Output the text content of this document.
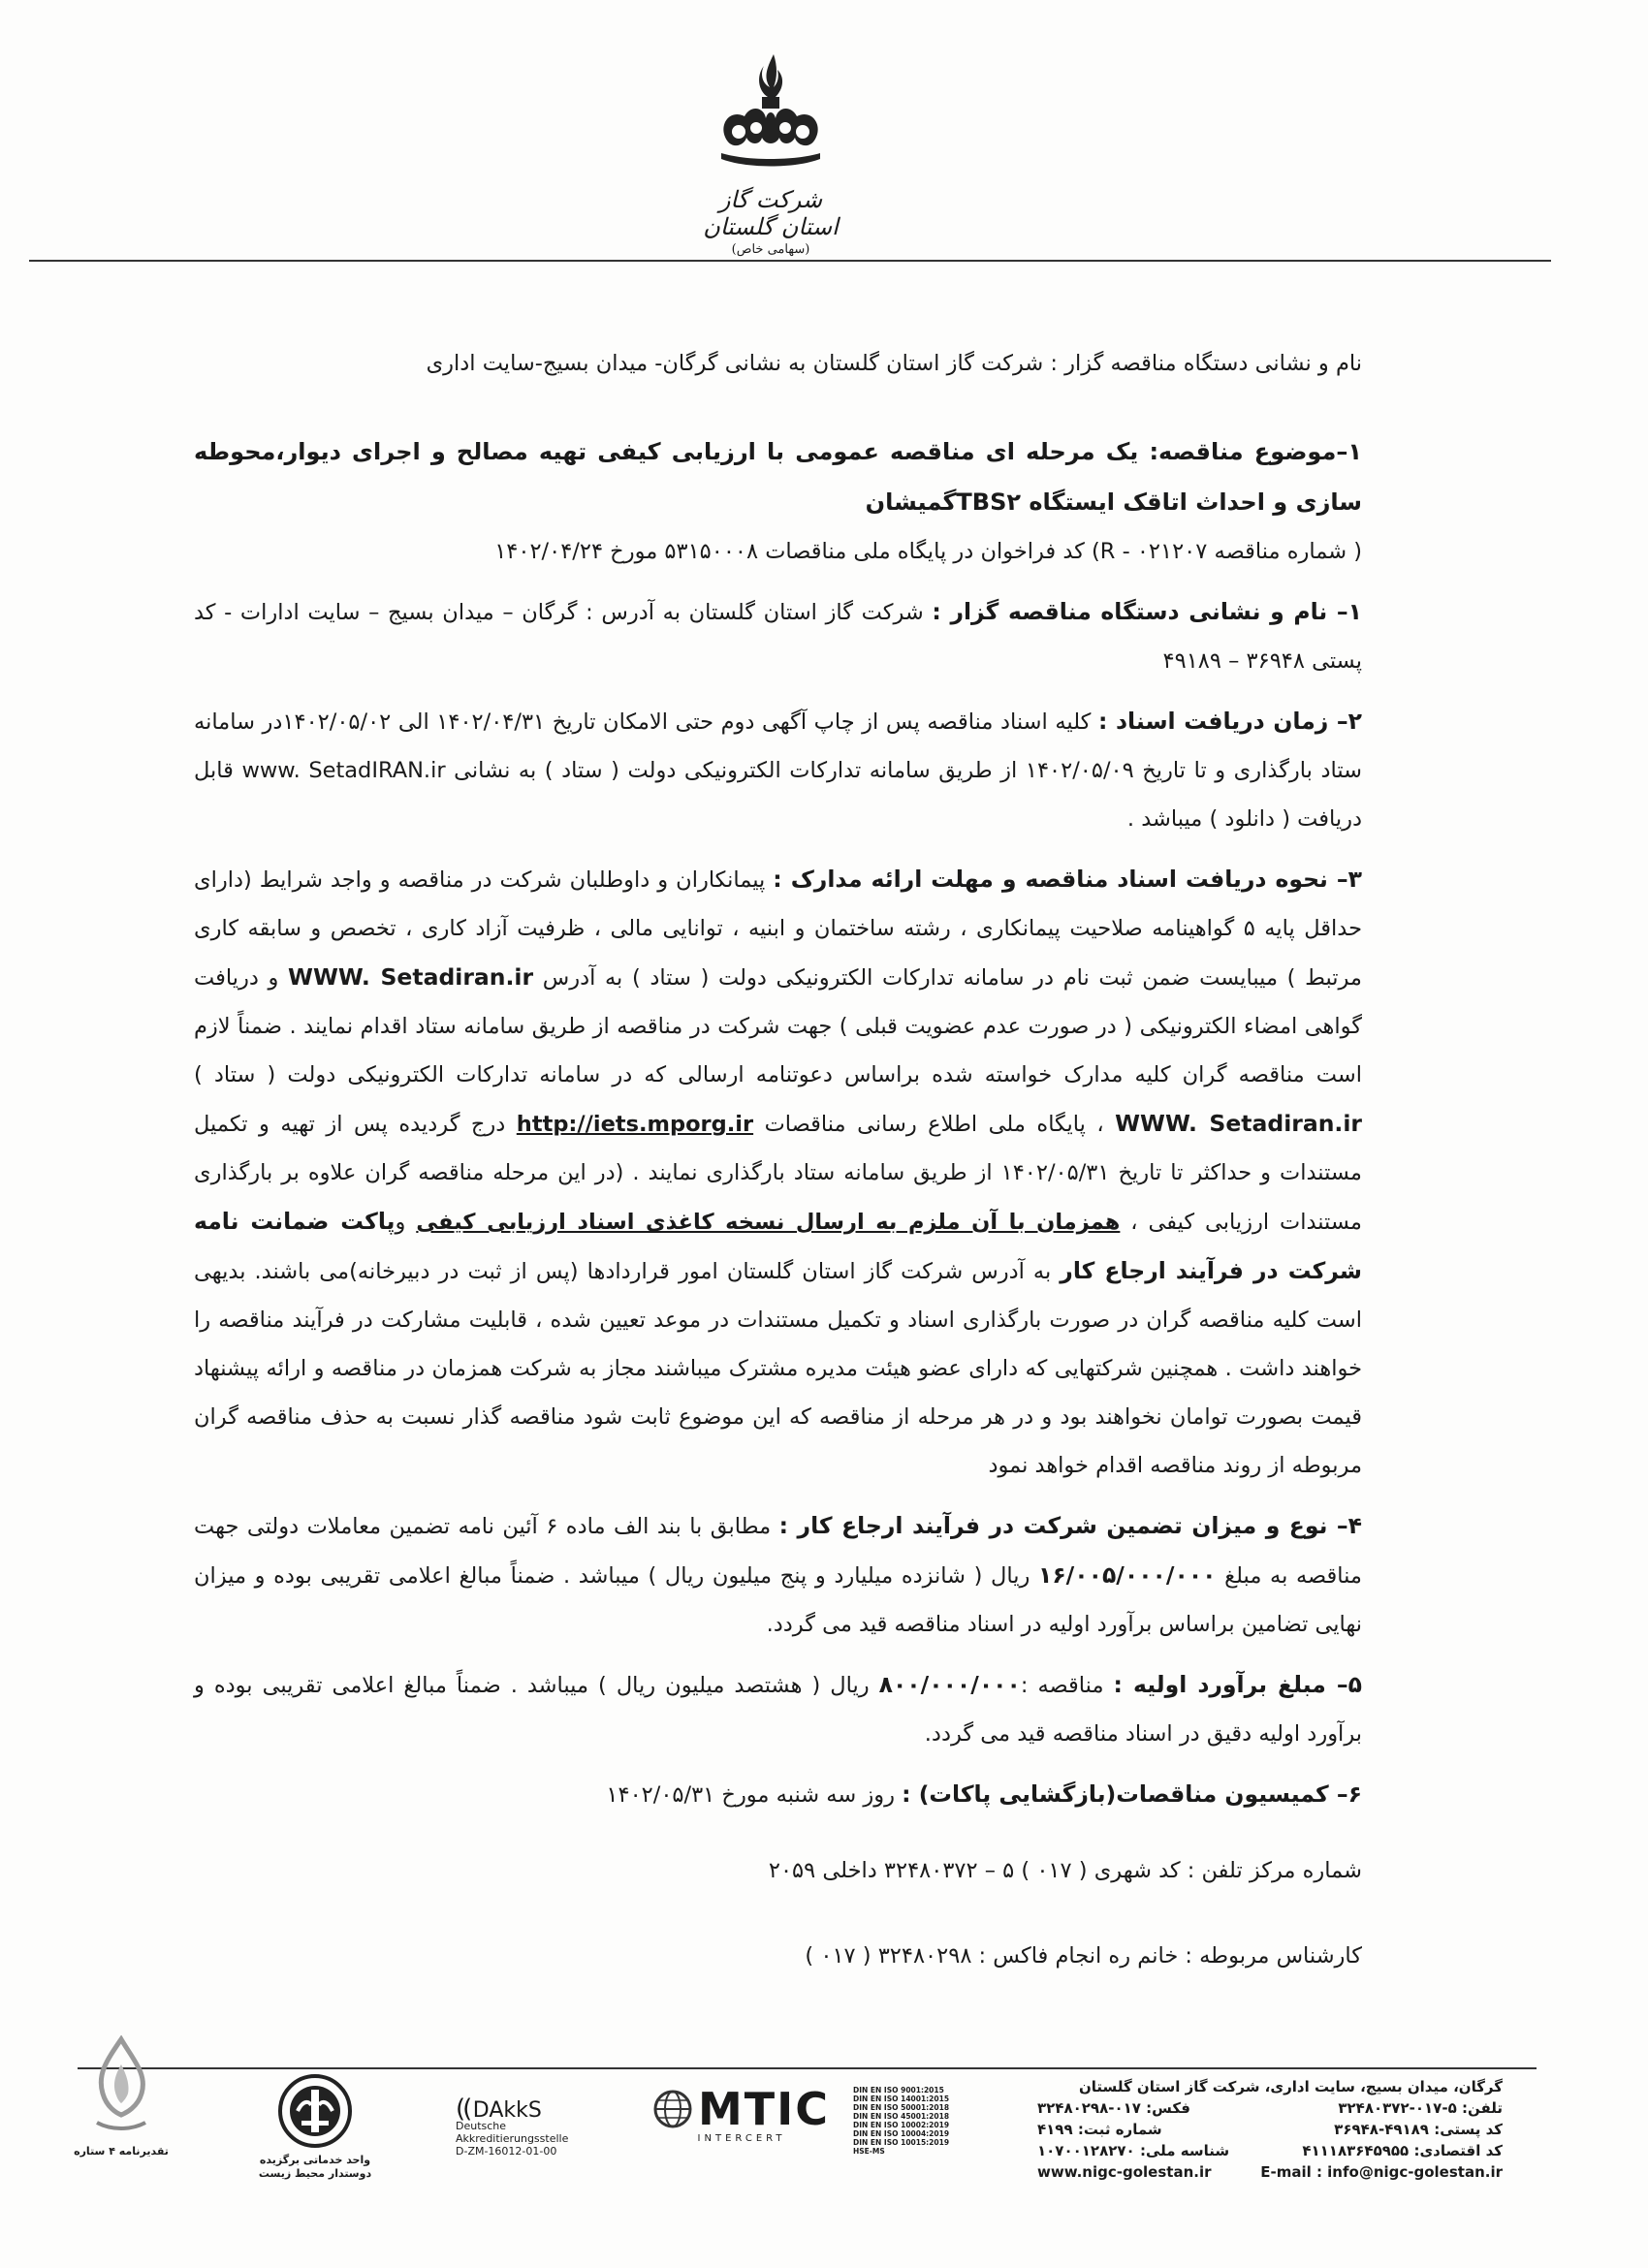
شرکت گاز استان گلستان
(سهامی خاص)

نام و نشانی دستگاه مناقصه گزار : شرکت گاز استان گلستان به نشانی گرگان- میدان بسیج-سایت اداری

۱–موضوع مناقصه: یک مرحله ای مناقصه عمومی با ارزیابی کیفی تهیه مصالح و اجرای دیوار،محوطه سازی و احداث اتاقک ایستگاه TBS۲گمیشان

( شماره مناقصه R - ۰۲۱۲۰۷) کد فراخوان در پایگاه ملی مناقصات ۵۳۱۵۰۰۰۸ مورخ ۱۴۰۲/۰۴/۲۴

۱– نام و نشانی دستگاه مناقصه گزار : شرکت گاز استان گلستان به آدرس : گرگان – میدان بسیج – سایت ادارات - کد پستی ۳۶۹۴۸ – ۴۹۱۸۹

۲– زمان دریافت اسناد : کلیه اسناد مناقصه پس از چاپ آگهی دوم حتی الامکان تاریخ ۱۴۰۲/۰۴/۳۱ الی ۱۴۰۲/۰۵/۰۲در سامانه ستاد بارگذاری و تا تاریخ ۱۴۰۲/۰۵/۰۹ از طریق سامانه تدارکات الکترونیکی دولت ( ستاد ) به نشانی www. SetadIRAN.ir قابل دریافت ( دانلود ) میباشد .

۳– نحوه دریافت اسناد مناقصه و مهلت ارائه مدارک : پیمانکاران و داوطلبان شرکت در مناقصه و واجد شرایط (دارای حداقل پایه ۵ گواهینامه صلاحیت پیمانکاری ، رشته ساختمان و ابنیه ، توانایی مالی ، ظرفیت آزاد کاری ، تخصص و سابقه کاری مرتبط ) میبایست ضمن ثبت نام در سامانه تدارکات الکترونیکی دولت ( ستاد ) به آدرس WWW. Setadiran.ir و دریافت گواهی امضاء الکترونیکی ( در صورت عدم عضویت قبلی ) جهت شرکت در مناقصه از طریق سامانه ستاد اقدام نمایند . ضمناً لازم است مناقصه گران کلیه مدارک خواسته شده براساس دعوتنامه ارسالی که در سامانه تدارکات الکترونیکی دولت ( ستاد ) WWW. Setadiran.ir ، پایگاه ملی اطلاع رسانی مناقصات http://iets.mporg.ir درج گردیده پس از تهیه و تکمیل مستندات و حداکثر تا تاریخ ۱۴۰۲/۰۵/۳۱ از طریق سامانه ستاد بارگذاری نمایند . (در این مرحله مناقصه گران علاوه بر بارگذاری مستندات ارزیابی کیفی ، همزمان با آن ملزم به ارسال نسخه کاغذی اسناد ارزیابی کیفی وپاکت ضمانت نامه شرکت در فرآیند ارجاع کار به آدرس شرکت گاز استان گلستان امور قراردادها (پس از ثبت در دبیرخانه)می باشند. بدیهی است کلیه مناقصه گران در صورت بارگذاری اسناد و تکمیل مستندات در موعد تعیین شده ، قابلیت مشارکت در فرآیند مناقصه را خواهند داشت . همچنین شرکتهایی که دارای عضو هیئت مدیره مشترک میباشند مجاز به شرکت همزمان در مناقصه و ارائه پیشنهاد قیمت بصورت توامان نخواهند بود و در هر مرحله از مناقصه که این موضوع ثابت شود مناقصه گذار نسبت به حذف مناقصه گران مربوطه از روند مناقصه اقدام خواهد نمود

۴– نوع و میزان تضمین شرکت در فرآیند ارجاع کار : مطابق با بند الف ماده ۶ آئین نامه تضمین معاملات دولتی جهت مناقصه به مبلغ ۱۶/۰۰۵/۰۰۰/۰۰۰ ریال ( شانزده میلیارد و پنج میلیون ریال ) میباشد . ضمناً مبالغ اعلامی تقریبی بوده و میزان نهایی تضامین براساس برآورد اولیه در اسناد مناقصه قید می گردد.

۵– مبلغ برآورد اولیه : مناقصه :۸۰۰/۰۰۰/۰۰۰ ریال ( هشتصد میلیون ریال ) میباشد . ضمناً مبالغ اعلامی تقریبی بوده و برآورد اولیه دقیق در اسناد مناقصه قید می گردد.

۶– کمیسیون مناقصات(بازگشایی پاکات) : روز سه شنبه مورخ ۱۴۰۲/۰۵/۳۱

شماره مرکز تلفن : کد شهری ( ۰۱۷ ) ۵ – ۳۲۴۸۰۳۷۲ داخلی ۲۰۵۹

کارشناس مربوطه : خانم ره انجام فاکس : ۳۲۴۸۰۲۹۸ ( ۰۱۷ )

گرگان، میدان بسیج، سایت اداری، شرکت گاز استان گلستان
تلفن: ۵-۰۱۷-۳۲۴۸۰۳۷۲
فکس: ۰۱۷-۳۲۴۸۰۲۹۸
کد پستی: ۴۹۱۸۹-۳۶۹۴۸
شماره ثبت: ۴۱۹۹
کد اقتصادی: ۴۱۱۱۸۳۶۴۵۹۵۵
شناسه ملی: ۱۰۷۰۰۱۲۸۲۷۰
E-mail : info@nigc-golestan.ir
www.nigc-golestan.ir
DIN EN ISO 9001:2015
DIN EN ISO 14001:2015
DIN EN ISO 50001:2018
DIN EN ISO 45001:2018
DIN EN ISO 10002:2019
DIN EN ISO 10004:2019
DIN EN ISO 10015:2019
HSE-MS
MTIC
INTERCERT
(( DAkkS
Deutsche Akkreditierungsstelle
D-ZM-16012-01-00
واحد خدماتی برگزیده دوستدار محیط زیست
تقدیرنامه ۴ ستاره
